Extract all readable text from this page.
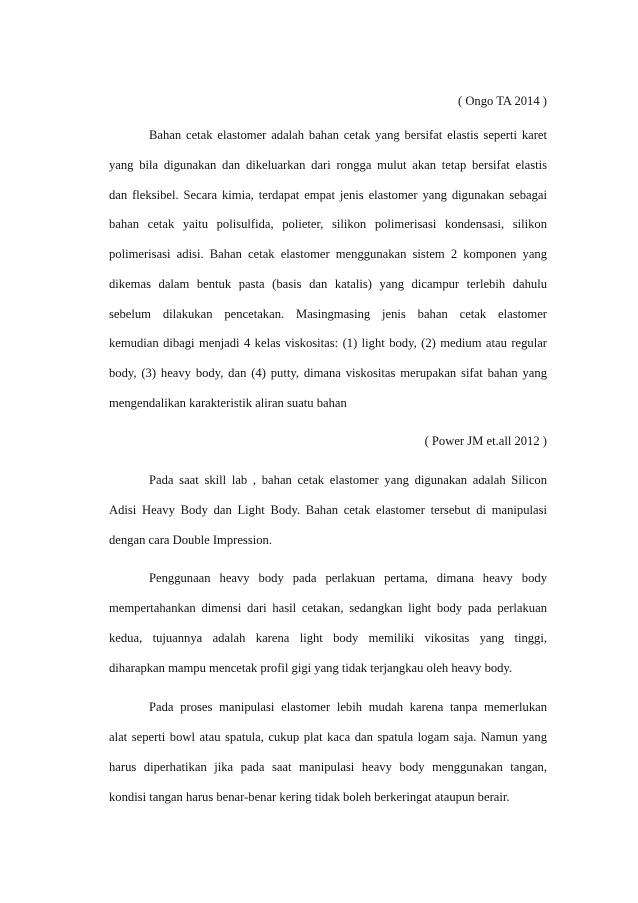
( Ongo TA 2014 )
Bahan cetak elastomer adalah bahan cetak yang bersifat elastis seperti karet
yang bila digunakan dan dikeluarkan dari rongga mulut akan tetap bersifat elastis
dan fleksibel. Secara kimia, terdapat empat jenis elastomer yang digunakan sebagai
bahan cetak yaitu polisulfida, polieter, silikon polimerisasi kondensasi, silikon
polimerisasi adisi. Bahan cetak elastomer menggunakan sistem 2 komponen yang
dikemas dalam bentuk pasta (basis dan katalis) yang dicampur terlebih dahulu
sebelum dilakukan pencetakan. Masingmasing jenis bahan cetak elastomer
kemudian dibagi menjadi 4 kelas viskositas: (1) light body, (2) medium atau regular
body, (3) heavy body, dan (4) putty, dimana viskositas merupakan sifat bahan yang
mengendalikan karakteristik aliran suatu bahan
( Power JM et.all 2012 )
Pada saat skill lab , bahan cetak elastomer yang digunakan adalah Silicon
Adisi Heavy Body dan Light Body. Bahan cetak elastomer tersebut di manipulasi
dengan cara Double Impression.
Penggunaan heavy body pada perlakuan pertama, dimana heavy body
mempertahankan dimensi dari hasil cetakan, sedangkan light body pada perlakuan
kedua, tujuannya adalah karena light body memiliki vikositas yang tinggi,
diharapkan mampu mencetak profil gigi yang tidak terjangkau oleh heavy body.
Pada proses manipulasi elastomer lebih mudah karena tanpa memerlukan
alat seperti bowl atau spatula, cukup plat kaca dan spatula logam saja. Namun yang
harus diperhatikan jika pada saat manipulasi heavy body menggunakan tangan,
kondisi tangan harus benar-benar kering tidak boleh berkeringat ataupun berair.
